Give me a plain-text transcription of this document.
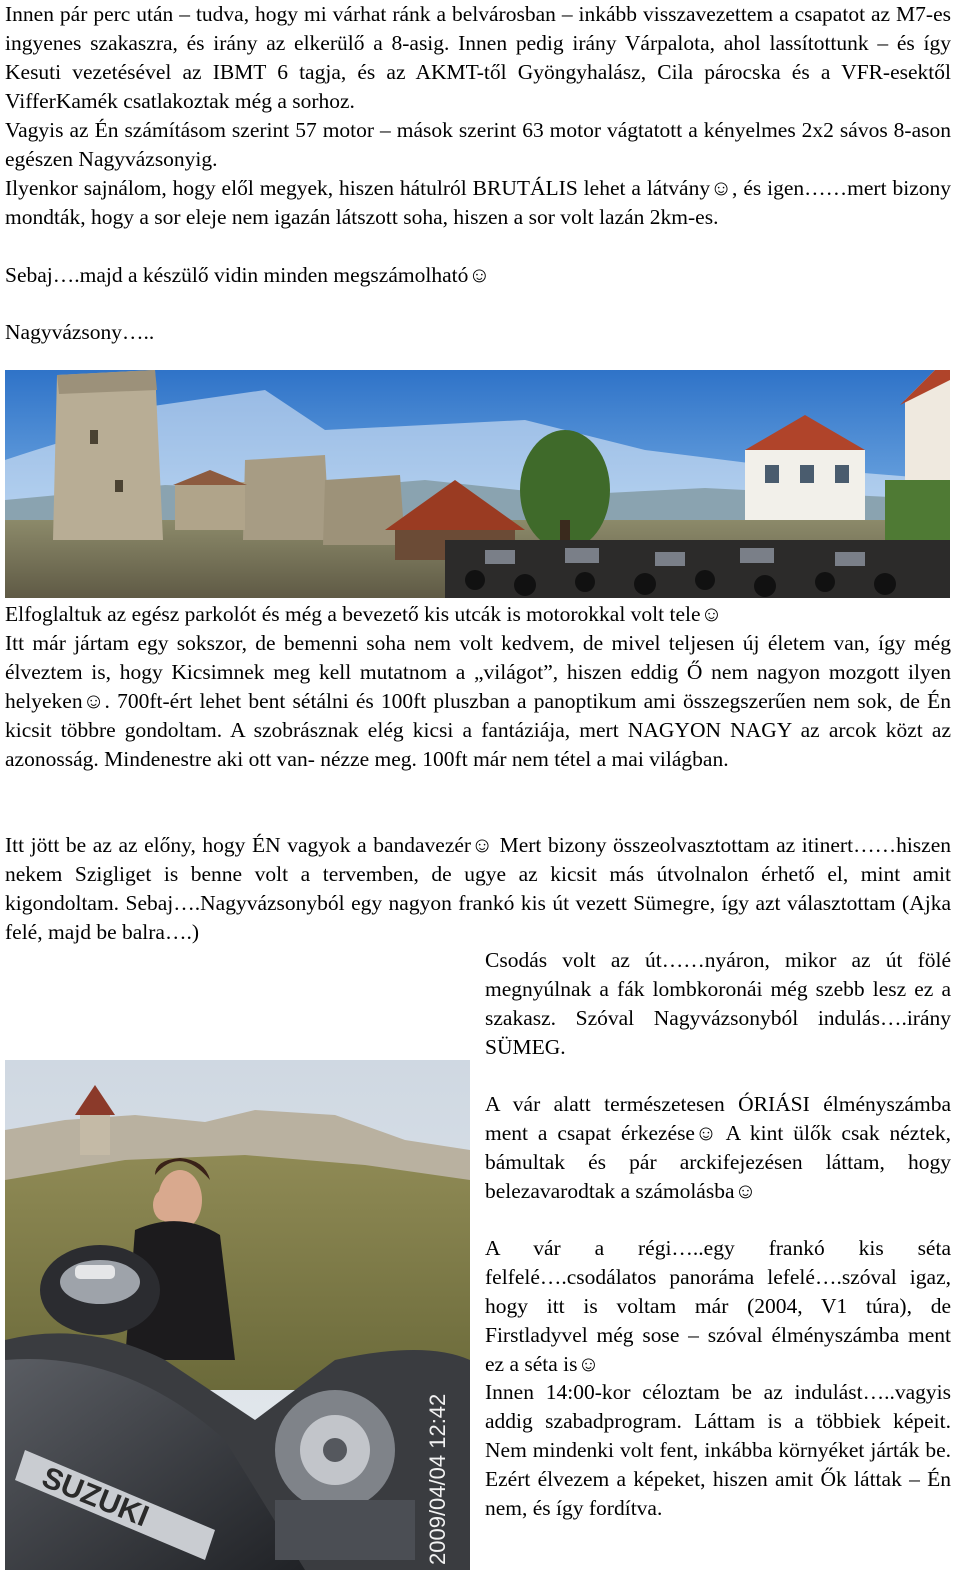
Innen pár perc után – tudva, hogy mi várhat ránk a belvárosban – inkább visszavezettem a csapatot az M7-es ingyenes szakaszra, és irány az elkerülő a 8-asig. Innen pedig irány Várpalota, ahol lassítottunk – és így Kesuti vezetésével az IBMT 6 tagja, és az AKMT-től Gyöngyhalász, Cila párocska és a VFR-esektől VifferKamék csatlakoztak még a sorhoz.

Vagyis az Én számításom szerint 57 motor – mások szerint 63 motor vágtatott a kényelmes 2x2 sávos 8-ason egészen Nagyvázsonyig.

Ilyenkor sajnálom, hogy elől megyek, hiszen hátulról BRUTÁLIS lehet a látvány☺, és igen……mert bizony mondták, hogy a sor eleje nem igazán látszott soha, hiszen a sor volt lazán 2km-es.

Sebaj….majd a készülő vidin minden megszámolható☺

Nagyvázsony…..

Elfoglaltuk az egész parkolót és még a bevezető kis utcák is motorokkal volt tele☺

Itt már jártam egy sokszor, de bemenni soha nem volt kedvem, de mivel teljesen új életem van, így még élveztem is, hogy Kicsimnek meg kell mutatnom a „világot”, hiszen eddig Ő nem nagyon mozgott ilyen helyeken☺. 700ft-ért lehet bent sétálni és 100ft pluszban a panoptikum ami összegszerűen nem sok, de Én kicsit többre gondoltam. A szobrásznak elég kicsi a fantáziája, mert NAGYON NAGY az arcok közt az azonosság. Mindenestre aki ott van- nézze meg. 100ft már nem tétel a mai világban.

Itt jött be az az előny, hogy ÉN vagyok a bandavezér☺ Mert bizony összeolvasztottam az itinert……hiszen nekem Szigliget is benne volt a tervemben, de ugye az kicsit más útvolnalon érhető el, mint amit kigondoltam. Sebaj….Nagyvázsonyból egy nagyon frankó kis út vezett Sümegre, így azt választottam (Ajka felé, majd be balra….)

Csodás volt az út……nyáron, mikor az út fölé megnyúlnak a fák lombkoronái még szebb lesz ez a szakasz. Szóval Nagyvázsonyból indulás….irány SÜMEG.

A vár alatt természetesen ÓRIÁSI élményszámba ment a csapat érkezése☺ A kint ülők csak néztek, bámultak és pár arckifejezésen láttam, hogy belezavarodtak a számolásba☺

A vár a régi…..egy frankó kis séta felfelé….csodálatos panoráma lefelé….szóval igaz, hogy itt is voltam már (2004, V1 túra), de Firstladyvel még sose – szóval élményszámba ment ez a séta is☺

Innen 14:00-kor céloztam be az indulást…..vagyis addig szabadprogram. Láttam is a többiek képeit. Nem mindenki volt fent, inkábba környéket járták be. Ezért élvezem a képeket, hiszen amit Ők láttak – Én nem, és így fordítva.

SUZUKI	2009/04/04 12:42
